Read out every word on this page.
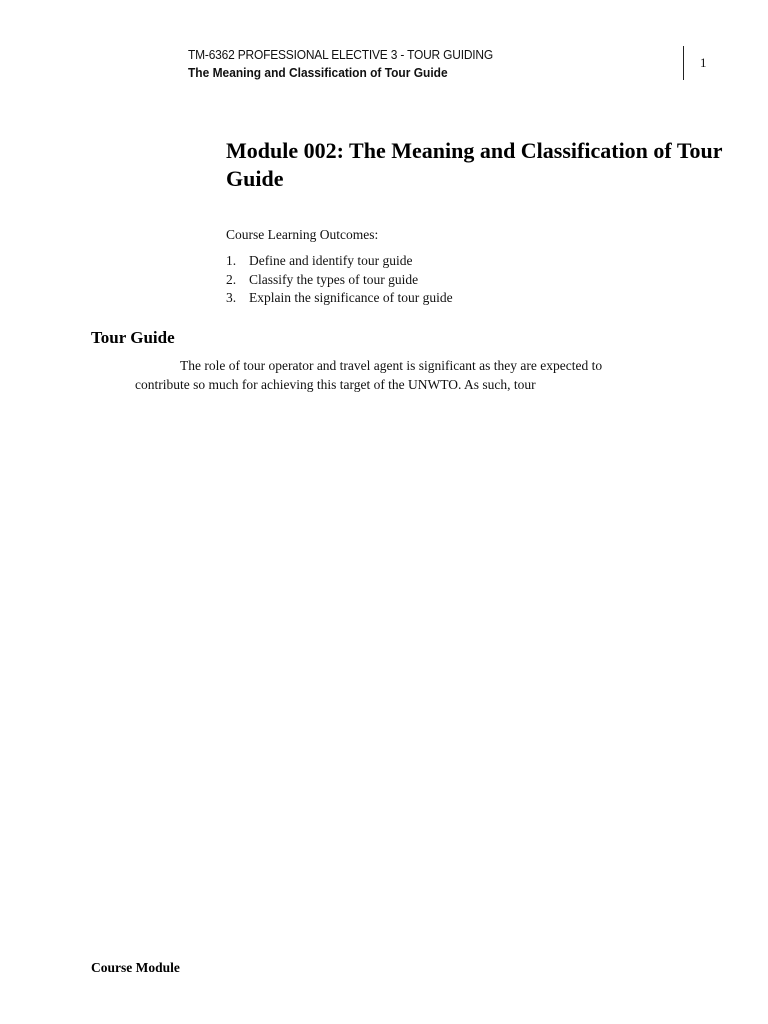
TM-6362 PROFESSIONAL ELECTIVE 3 - TOUR GUIDING
The Meaning and Classification of Tour Guide
1
Module 002: The Meaning and Classification of Tour Guide

Course Learning Outcomes:

1. Define and identify tour guide
2. Classify the types of tour guide
3. Explain the significance of tour guide
Tour Guide

The role of tour operator and travel agent is significant as they are expected to
contribute so much for achieving this target of the UNWTO. As such, tour

Course Module
